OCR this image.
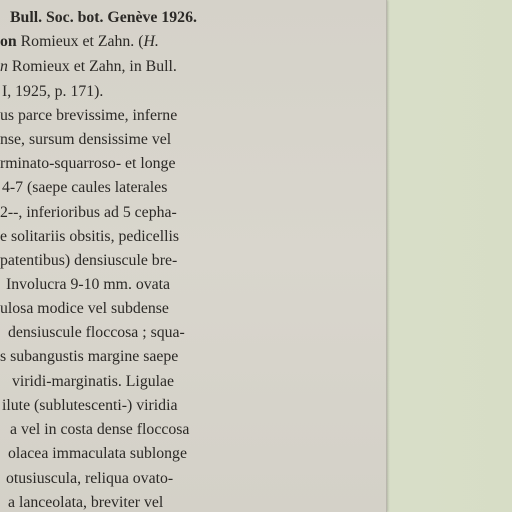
Bull. Soc. bot. Genève 1926.
on Romieux et Zahn. (H.
n Romieux et Zahn, in Bull.
I, 1925, p. 171).
us parce brevissime, inferne
nse, sursum densissime vel
rminato-squarroso- et longe
4-7 (saepe caules laterales
2--, inferioribus ad 5 cepha-
e solitariis obsitis, pedicellis
patentibus) densiuscule bre-
Involucra 9-10 mm. ovata
ulosa modice vel subdense
densiuscule floccosa ; squa-
s subangustis margine saepe
viridi-marginatis. Ligulae
ilute (sublutescenti-) viridia
a vel in costa dense floccosa
olacea immaculata sublonge
otusiuscula, reliqua ovato-
a lanceolata, breviter vel
